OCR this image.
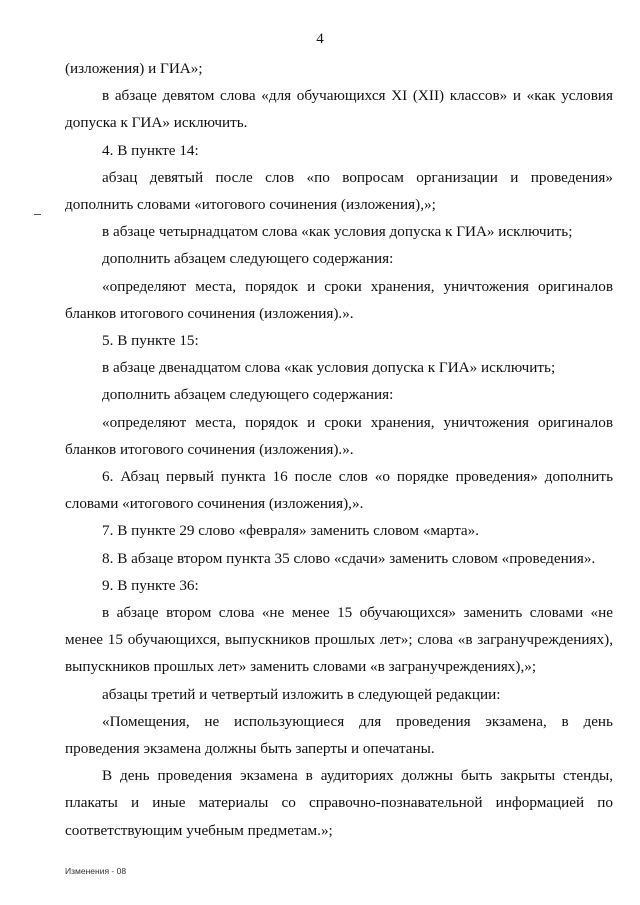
4

(изложения) и ГИА»;

в абзаце девятом слова «для обучающихся XI (XII) классов» и «как условия допуска к ГИА» исключить.

4. В пункте 14:

абзац девятый после слов «по вопросам организации и проведения» дополнить словами «итогового сочинения (изложения),»;

в абзаце четырнадцатом слова «как условия допуска к ГИА» исключить;

дополнить абзацем следующего содержания:

«определяют места, порядок и сроки хранения, уничтожения оригиналов бланков итогового сочинения (изложения).».

5. В пункте 15:

в абзаце двенадцатом слова «как условия допуска к ГИА» исключить;

дополнить абзацем следующего содержания:

«определяют места, порядок и сроки хранения, уничтожения оригиналов бланков итогового сочинения (изложения).».

6. Абзац первый пункта 16 после слов «о порядке проведения» дополнить словами «итогового сочинения (изложения),».

7. В пункте 29 слово «февраля» заменить словом «марта».

8. В абзаце втором пункта 35 слово «сдачи» заменить словом «проведения».

9. В пункте 36:

в абзаце втором слова «не менее 15 обучающихся» заменить словами «не менее 15 обучающихся, выпускников прошлых лет»; слова «в загранучреждениях), выпускников прошлых лет» заменить словами «в загранучреждениях),»;

абзацы третий и четвертый изложить в следующей редакции:

«Помещения, не использующиеся для проведения экзамена, в день проведения экзамена должны быть заперты и опечатаны.

В день проведения экзамена в аудиториях должны быть закрыты стенды, плакаты и иные материалы со справочно-познавательной информацией по соответствующим учебным предметам.»;

Изменения - 08
